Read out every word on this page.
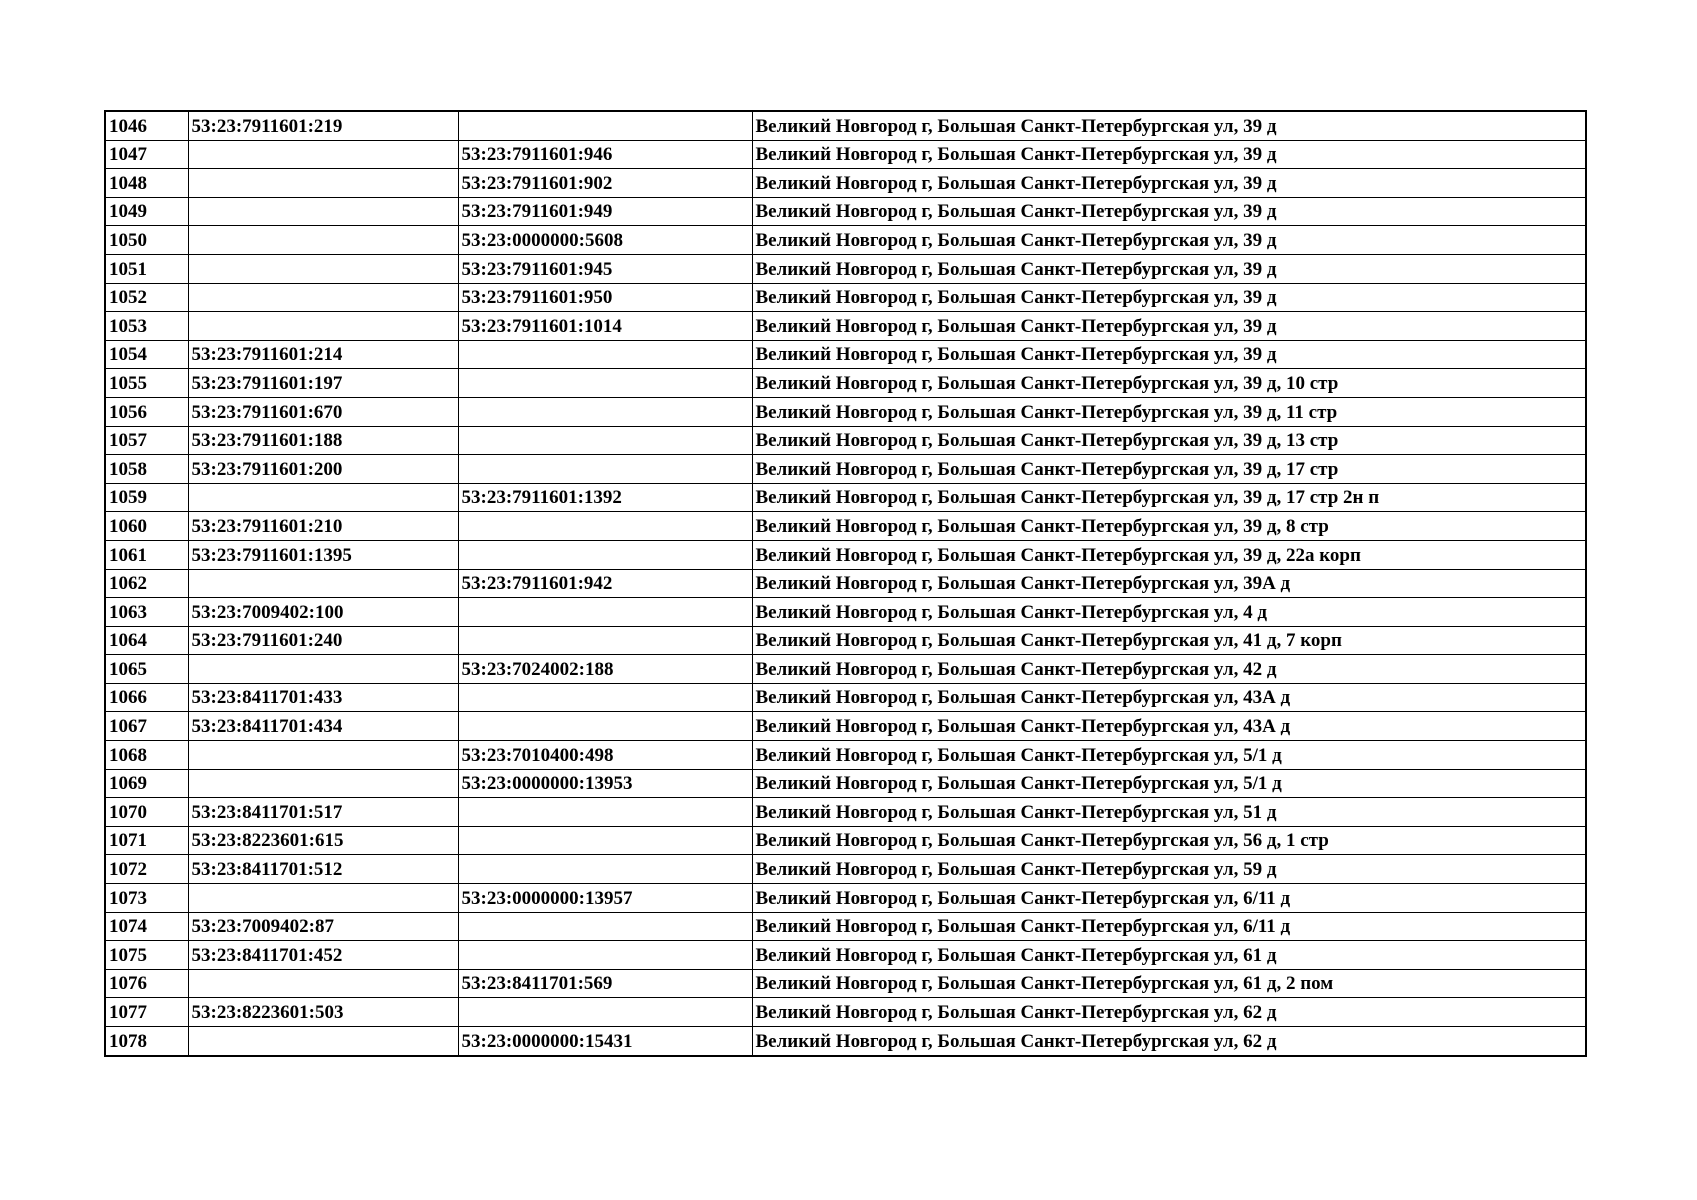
1046	53:23:7911601:219		Великий Новгород г, Большая Санкт-Петербургская ул, 39 д
1047		53:23:7911601:946	Великий Новгород г, Большая Санкт-Петербургская ул, 39 д
1048		53:23:7911601:902	Великий Новгород г, Большая Санкт-Петербургская ул, 39 д
1049		53:23:7911601:949	Великий Новгород г, Большая Санкт-Петербургская ул, 39 д
1050		53:23:0000000:5608	Великий Новгород г, Большая Санкт-Петербургская ул, 39 д
1051		53:23:7911601:945	Великий Новгород г, Большая Санкт-Петербургская ул, 39 д
1052		53:23:7911601:950	Великий Новгород г, Большая Санкт-Петербургская ул, 39 д
1053		53:23:7911601:1014	Великий Новгород г, Большая Санкт-Петербургская ул, 39 д
1054	53:23:7911601:214		Великий Новгород г, Большая Санкт-Петербургская ул, 39 д
1055	53:23:7911601:197		Великий Новгород г, Большая Санкт-Петербургская ул, 39 д, 10 стр
1056	53:23:7911601:670		Великий Новгород г, Большая Санкт-Петербургская ул, 39 д, 11 стр
1057	53:23:7911601:188		Великий Новгород г, Большая Санкт-Петербургская ул, 39 д, 13 стр
1058	53:23:7911601:200		Великий Новгород г, Большая Санкт-Петербургская ул, 39 д, 17 стр
1059		53:23:7911601:1392	Великий Новгород г, Большая Санкт-Петербургская ул, 39 д, 17 стр 2н п
1060	53:23:7911601:210		Великий Новгород г, Большая Санкт-Петербургская ул, 39 д, 8 стр
1061	53:23:7911601:1395		Великий Новгород г, Большая Санкт-Петербургская ул, 39 д, 22а корп
1062		53:23:7911601:942	Великий Новгород г, Большая Санкт-Петербургская ул, 39А д
1063	53:23:7009402:100		Великий Новгород г, Большая Санкт-Петербургская ул, 4 д
1064	53:23:7911601:240		Великий Новгород г, Большая Санкт-Петербургская ул, 41 д, 7 корп
1065		53:23:7024002:188	Великий Новгород г, Большая Санкт-Петербургская ул, 42 д
1066	53:23:8411701:433		Великий Новгород г, Большая Санкт-Петербургская ул, 43А д
1067	53:23:8411701:434		Великий Новгород г, Большая Санкт-Петербургская ул, 43А д
1068		53:23:7010400:498	Великий Новгород г, Большая Санкт-Петербургская ул, 5/1 д
1069		53:23:0000000:13953	Великий Новгород г, Большая Санкт-Петербургская ул, 5/1 д
1070	53:23:8411701:517		Великий Новгород г, Большая Санкт-Петербургская ул, 51 д
1071	53:23:8223601:615		Великий Новгород г, Большая Санкт-Петербургская ул, 56 д, 1 стр
1072	53:23:8411701:512		Великий Новгород г, Большая Санкт-Петербургская ул, 59 д
1073		53:23:0000000:13957	Великий Новгород г, Большая Санкт-Петербургская ул, 6/11 д
1074	53:23:7009402:87		Великий Новгород г, Большая Санкт-Петербургская ул, 6/11 д
1075	53:23:8411701:452		Великий Новгород г, Большая Санкт-Петербургская ул, 61 д
1076		53:23:8411701:569	Великий Новгород г, Большая Санкт-Петербургская ул, 61 д, 2 пом
1077	53:23:8223601:503		Великий Новгород г, Большая Санкт-Петербургская ул, 62 д
1078		53:23:0000000:15431	Великий Новгород г, Большая Санкт-Петербургская ул, 62 д
